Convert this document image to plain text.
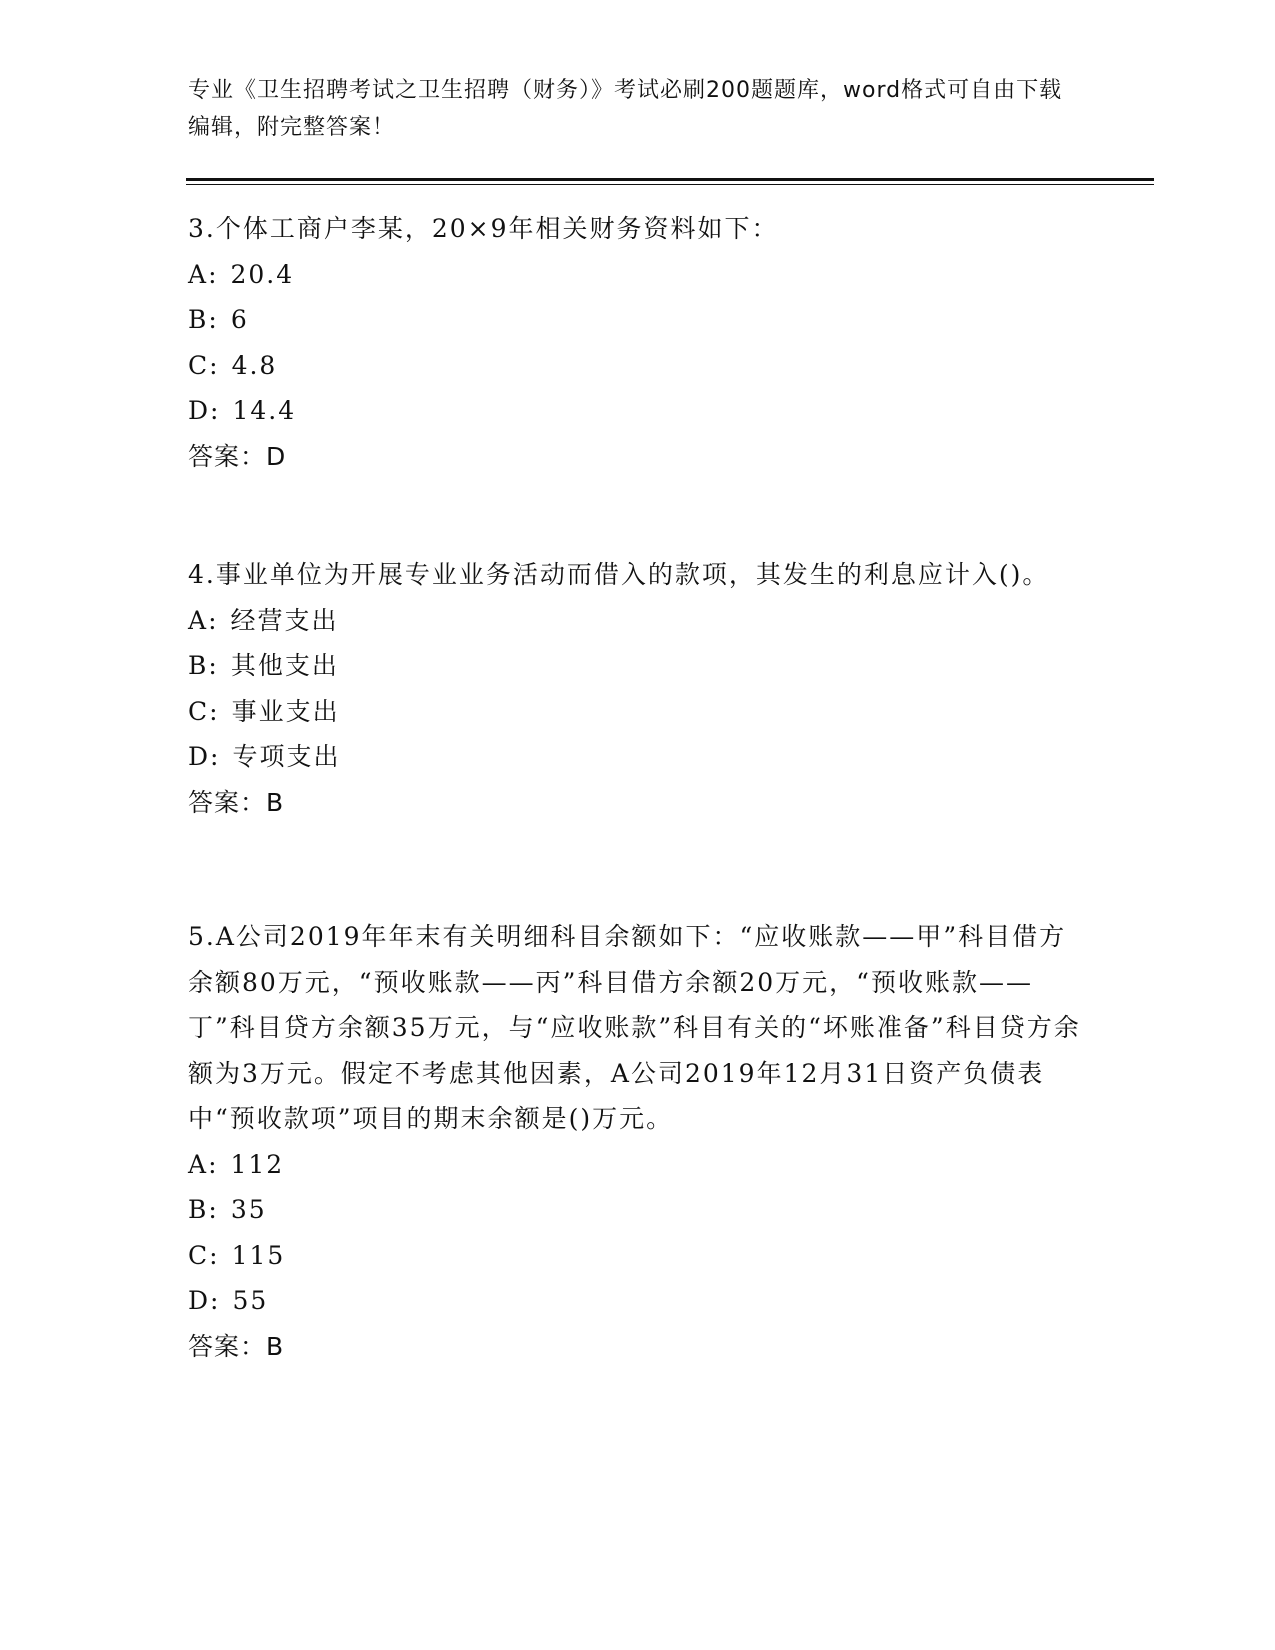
专业《卫生招聘考试之卫生招聘（财务）》考试必刷200题题库，word格式可自由下载编辑，附完整答案！

3.个体工商户李某，20×9年相关财务资料如下：

A: 20.4

B: 6

C: 4.8

D: 14.4

答案：D

4.事业单位为开展专业业务活动而借入的款项，其发生的利息应计入()。

A: 经营支出

B: 其他支出

C: 事业支出

D: 专项支出

答案：B

5.A公司2019年年末有关明细科目余额如下：“应收账款——甲”科目借方余额80万元，“预收账款——丙”科目借方余额20万元，“预收账款——丁”科目贷方余额35万元，与“应收账款”科目有关的“坏账准备”科目贷方余额为3万元。假定不考虑其他因素，A公司2019年12月31日资产负债表中“预收款项”项目的期末余额是()万元。

A: 112

B: 35

C: 115

D: 55

答案：B
